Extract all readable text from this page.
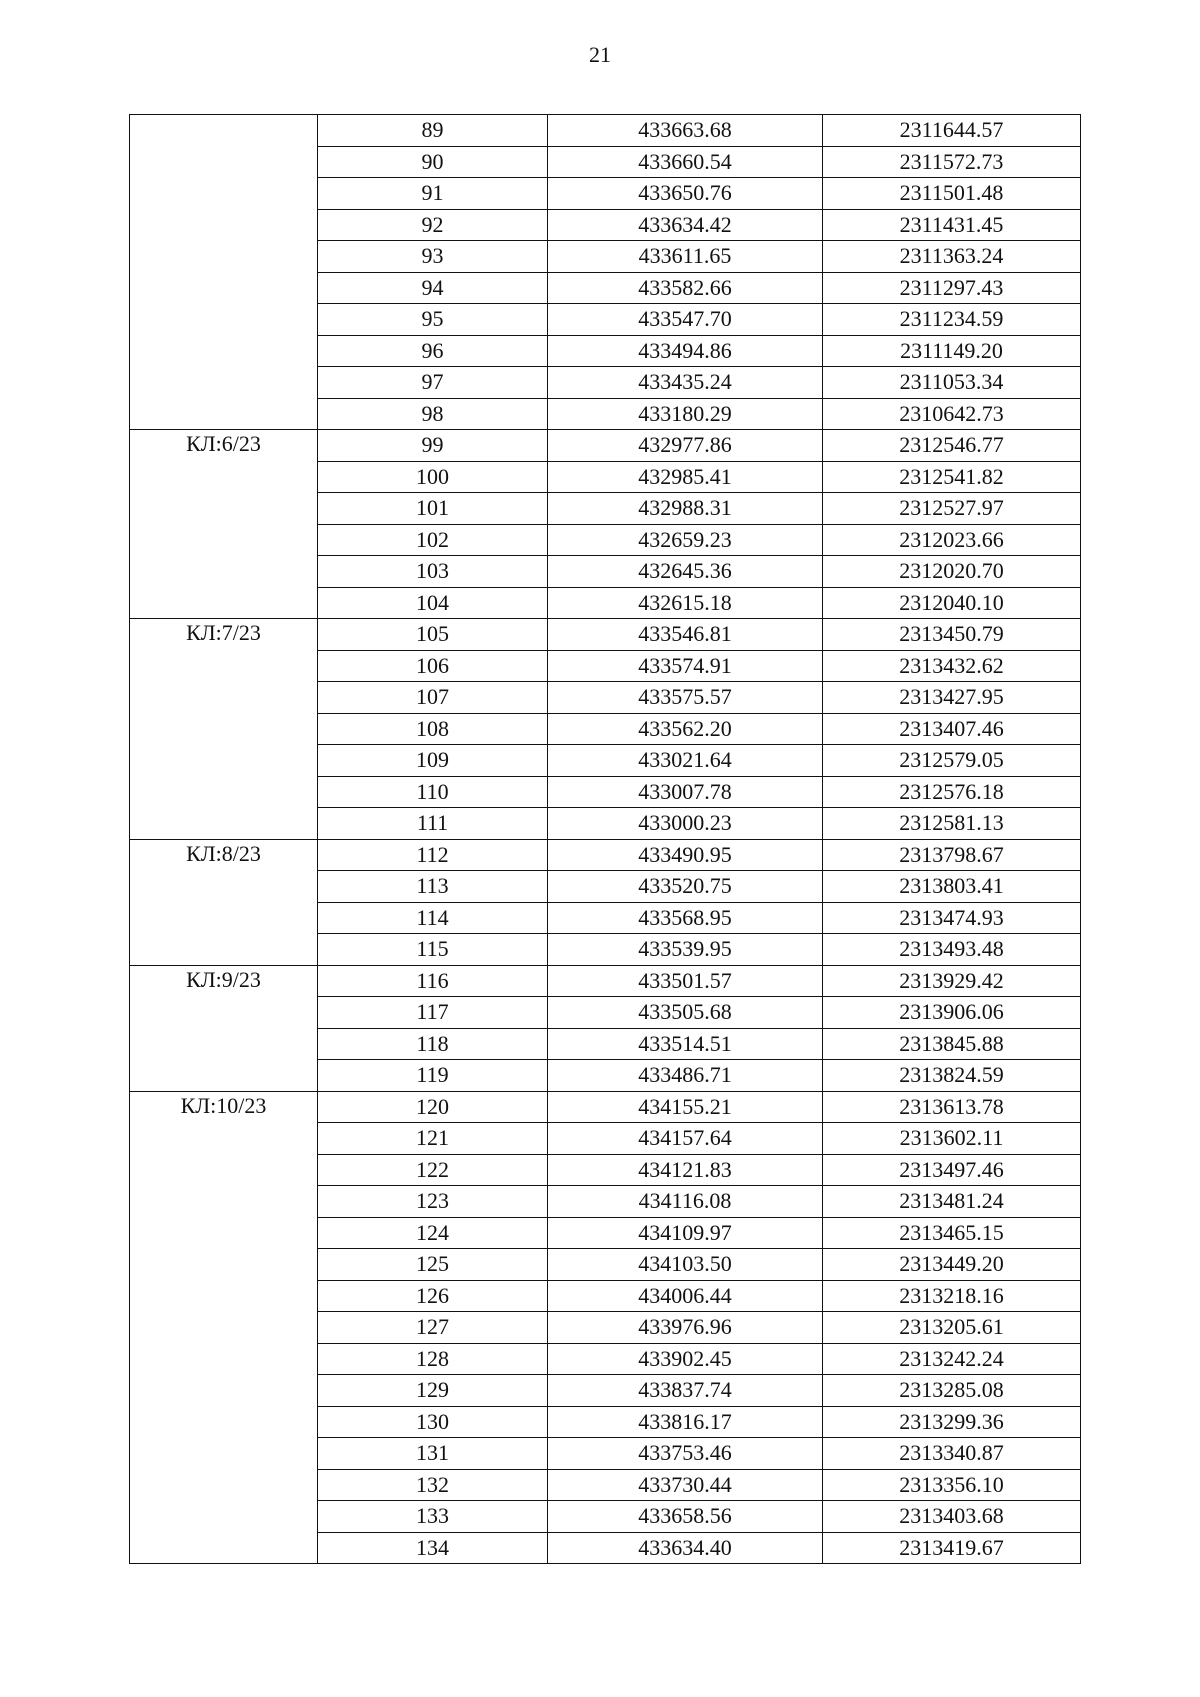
21
	89	433663.68	2311644.57
	90	433660.54	2311572.73
	91	433650.76	2311501.48
	92	433634.42	2311431.45
	93	433611.65	2311363.24
	94	433582.66	2311297.43
	95	433547.70	2311234.59
	96	433494.86	2311149.20
	97	433435.24	2311053.34
	98	433180.29	2310642.73
КЛ:6/23	99	432977.86	2312546.77
	100	432985.41	2312541.82
	101	432988.31	2312527.97
	102	432659.23	2312023.66
	103	432645.36	2312020.70
	104	432615.18	2312040.10
КЛ:7/23	105	433546.81	2313450.79
	106	433574.91	2313432.62
	107	433575.57	2313427.95
	108	433562.20	2313407.46
	109	433021.64	2312579.05
	110	433007.78	2312576.18
	111	433000.23	2312581.13
КЛ:8/23	112	433490.95	2313798.67
	113	433520.75	2313803.41
	114	433568.95	2313474.93
	115	433539.95	2313493.48
КЛ:9/23	116	433501.57	2313929.42
	117	433505.68	2313906.06
	118	433514.51	2313845.88
	119	433486.71	2313824.59
КЛ:10/23	120	434155.21	2313613.78
	121	434157.64	2313602.11
	122	434121.83	2313497.46
	123	434116.08	2313481.24
	124	434109.97	2313465.15
	125	434103.50	2313449.20
	126	434006.44	2313218.16
	127	433976.96	2313205.61
	128	433902.45	2313242.24
	129	433837.74	2313285.08
	130	433816.17	2313299.36
	131	433753.46	2313340.87
	132	433730.44	2313356.10
	133	433658.56	2313403.68
	134	433634.40	2313419.67
